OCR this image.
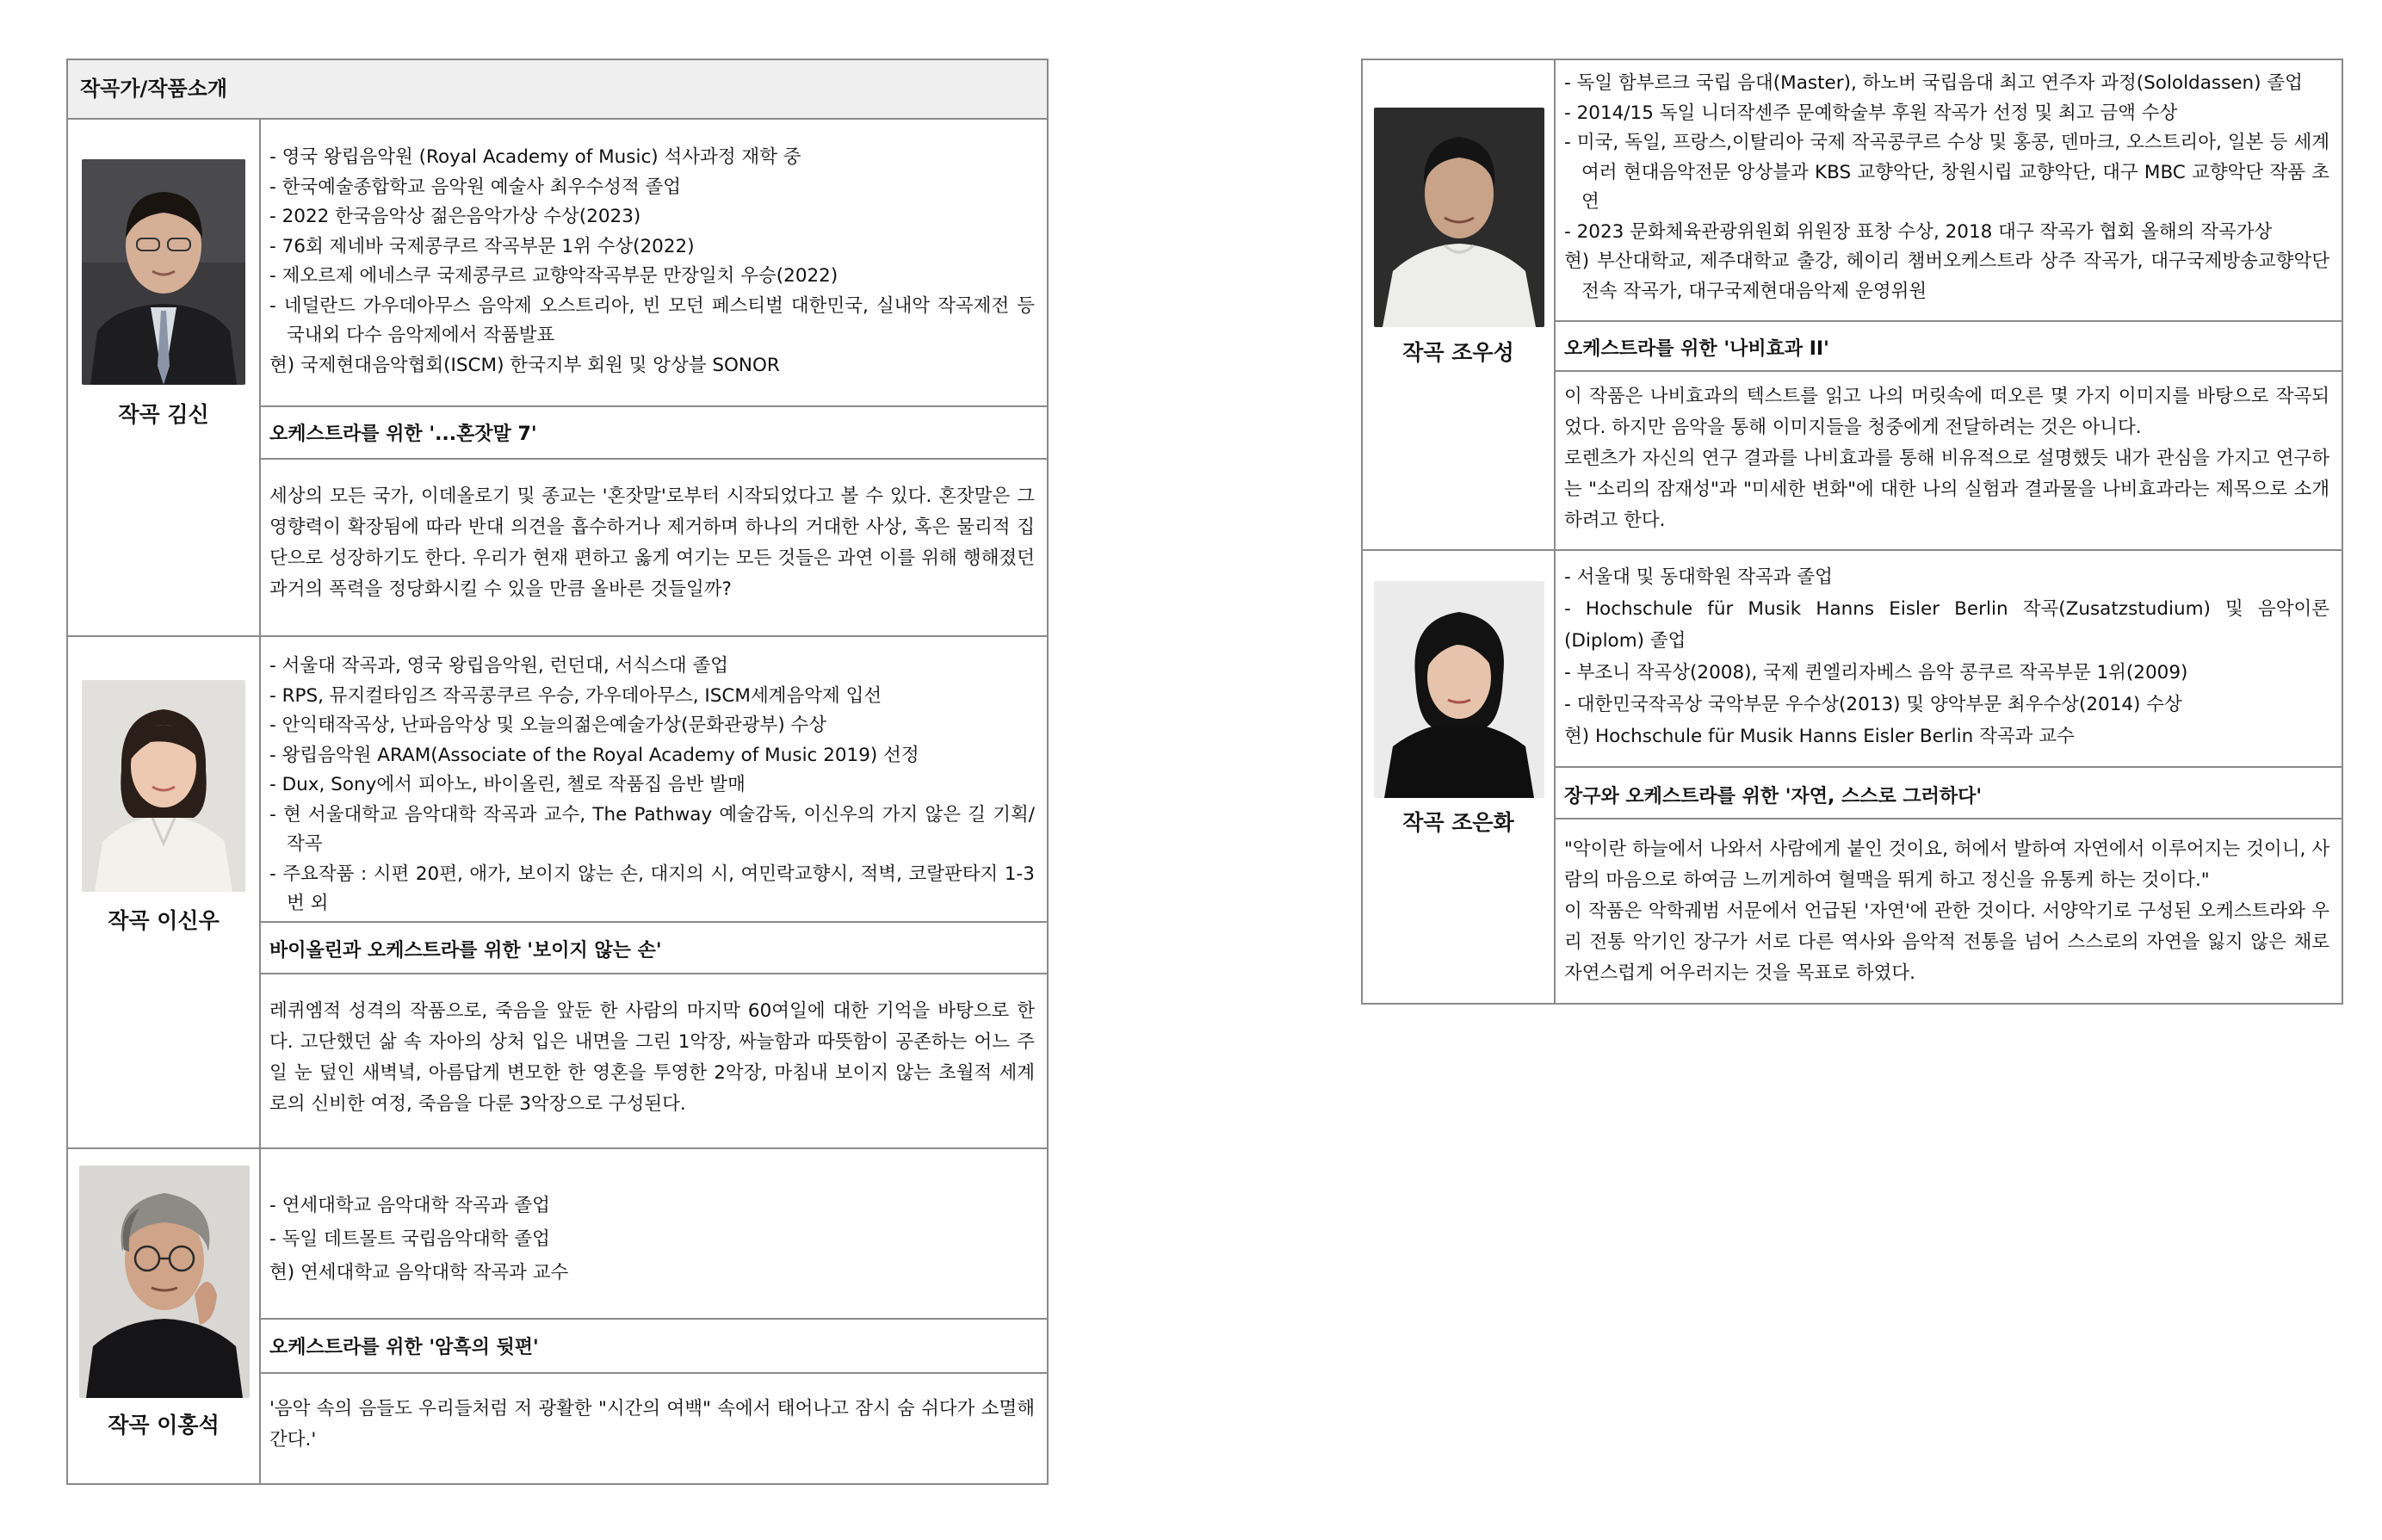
작곡가/작품소개
작곡 김신
- 영국 왕립음악원 (Royal Academy of Music) 석사과정 재학 중
- 한국예술종합학교 음악원 예술사 최우수성적 졸업
- 2022 한국음악상 젊은음악가상 수상(2023)
- 76회 제네바 국제콩쿠르 작곡부문 1위 수상(2022)
- 제오르제 에네스쿠 국제콩쿠르 교향악작곡부문 만장일치 우승(2022)
- 네덜란드 가우데아무스 음악제 오스트리아, 빈 모던 페스티벌 대한민국, 실내악 작곡제전 등 국내외 다수 음악제에서 작품발표
현) 국제현대음악협회(ISCM) 한국지부 회원 및 앙상블 SONOR
오케스트라를 위한 '...혼잣말 7'

세상의 모든 국가, 이데올로기 및 종교는 '혼잣말'로부터 시작되었다고 볼 수 있다. 혼잣말은 그 영향력이 확장됨에 따라 반대 의견을 흡수하거나 제거하며 하나의 거대한 사상, 혹은 물리적 집단으로 성장하기도 한다. 우리가 현재 편하고 옳게 여기는 모든 것들은 과연 이를 위해 행해졌던 과거의 폭력을 정당화시킬 수 있을 만큼 올바른 것들일까?

작곡 이신우
- 서울대 작곡과, 영국 왕립음악원, 런던대, 서식스대 졸업
- RPS, 뮤지컬타임즈 작곡콩쿠르 우승, 가우데아무스, ISCM세계음악제 입선
- 안익태작곡상, 난파음악상 및 오늘의젊은예술가상(문화관광부) 수상
- 왕립음악원 ARAM(Associate of the Royal Academy of Music 2019) 선정
- Dux, Sony에서 피아노, 바이올린, 첼로 작품집 음반 발매
- 현 서울대학교 음악대학 작곡과 교수, The Pathway 예술감독, 이신우의 가지 않은 길 기획/작곡
- 주요작품 : 시편 20편, 애가, 보이지 않는 손, 대지의 시, 여민락교향시, 적벽, 코랄판타지 1-3번 외
바이올린과 오케스트라를 위한 '보이지 않는 손'

레퀴엠적 성격의 작품으로, 죽음을 앞둔 한 사람의 마지막 60여일에 대한 기억을 바탕으로 한다. 고단했던 삶 속 자아의 상처 입은 내면을 그린 1악장, 싸늘함과 따뜻함이 공존하는 어느 주일 눈 덮인 새벽녘, 아름답게 변모한 한 영혼을 투영한 2악장, 마침내 보이지 않는 초월적 세계로의 신비한 여정, 죽음을 다룬 3악장으로 구성된다.

작곡 이홍석
- 연세대학교 음악대학 작곡과 졸업
- 독일 데트몰트 국립음악대학 졸업
현) 연세대학교 음악대학 작곡과 교수
오케스트라를 위한 '암흑의 뒷편'

'음악 속의 음들도 우리들처럼 저 광활한 "시간의 여백" 속에서 태어나고 잠시 숨 쉬다가 소멸해간다.'

작곡 조우성
- 독일 함부르크 국립 음대(Master), 하노버 국립음대 최고 연주자 과정(Sololdassen) 졸업
- 2014/15 독일 니더작센주 문예학술부 후원 작곡가 선정 및 최고 금액 수상
- 미국, 독일, 프랑스,이탈리아 국제 작곡콩쿠르 수상 및 홍콩, 덴마크, 오스트리아, 일본 등 세계 여러 현대음악전문 앙상블과 KBS 교향악단, 창원시립 교향악단, 대구 MBC 교향악단 작품 초연
- 2023 문화체육관광위원회 위원장 표창 수상, 2018 대구 작곡가 협회 올해의 작곡가상
현) 부산대학교, 제주대학교 출강, 헤이리 챔버오케스트라 상주 작곡가, 대구국제방송교향악단 전속 작곡가, 대구국제현대음악제 운영위원
오케스트라를 위한 '나비효과 II'
이 작품은 나비효과의 텍스트를 읽고 나의 머릿속에 떠오른 몇 가지 이미지를 바탕으로 작곡되었다. 하지만 음악을 통해 이미지들을 청중에게 전달하려는 것은 아니다.
로렌츠가 자신의 연구 결과를 나비효과를 통해 비유적으로 설명했듯 내가 관심을 가지고 연구하는 "소리의 잠재성"과 "미세한 변화"에 대한 나의 실험과 결과물을 나비효과라는 제목으로 소개하려고 한다.
작곡 조은화
- 서울대 및 동대학원 작곡과 졸업
- Hochschule für Musik Hanns Eisler Berlin 작곡(Zusatzstudium) 및 음악이론(Diplom) 졸업
- 부조니 작곡상(2008), 국제 퀸엘리자베스 음악 콩쿠르 작곡부문 1위(2009)
- 대한민국작곡상 국악부문 우수상(2013) 및 양악부문 최우수상(2014) 수상
현) Hochschule für Musik Hanns Eisler Berlin 작곡과 교수
장구와 오케스트라를 위한 '자연, 스스로 그러하다'
"악이란 하늘에서 나와서 사람에게 붙인 것이요, 허에서 발하여 자연에서 이루어지는 것이니, 사람의 마음으로 하여금 느끼게하여 혈맥을 뛰게 하고 정신을 유통케 하는 것이다."
이 작품은 악학궤범 서문에서 언급된 '자연'에 관한 것이다. 서양악기로 구성된 오케스트라와 우리 전통 악기인 장구가 서로 다른 역사와 음악적 전통을 넘어 스스로의 자연을 잃지 않은 채로 자연스럽게 어우러지는 것을 목표로 하였다.
